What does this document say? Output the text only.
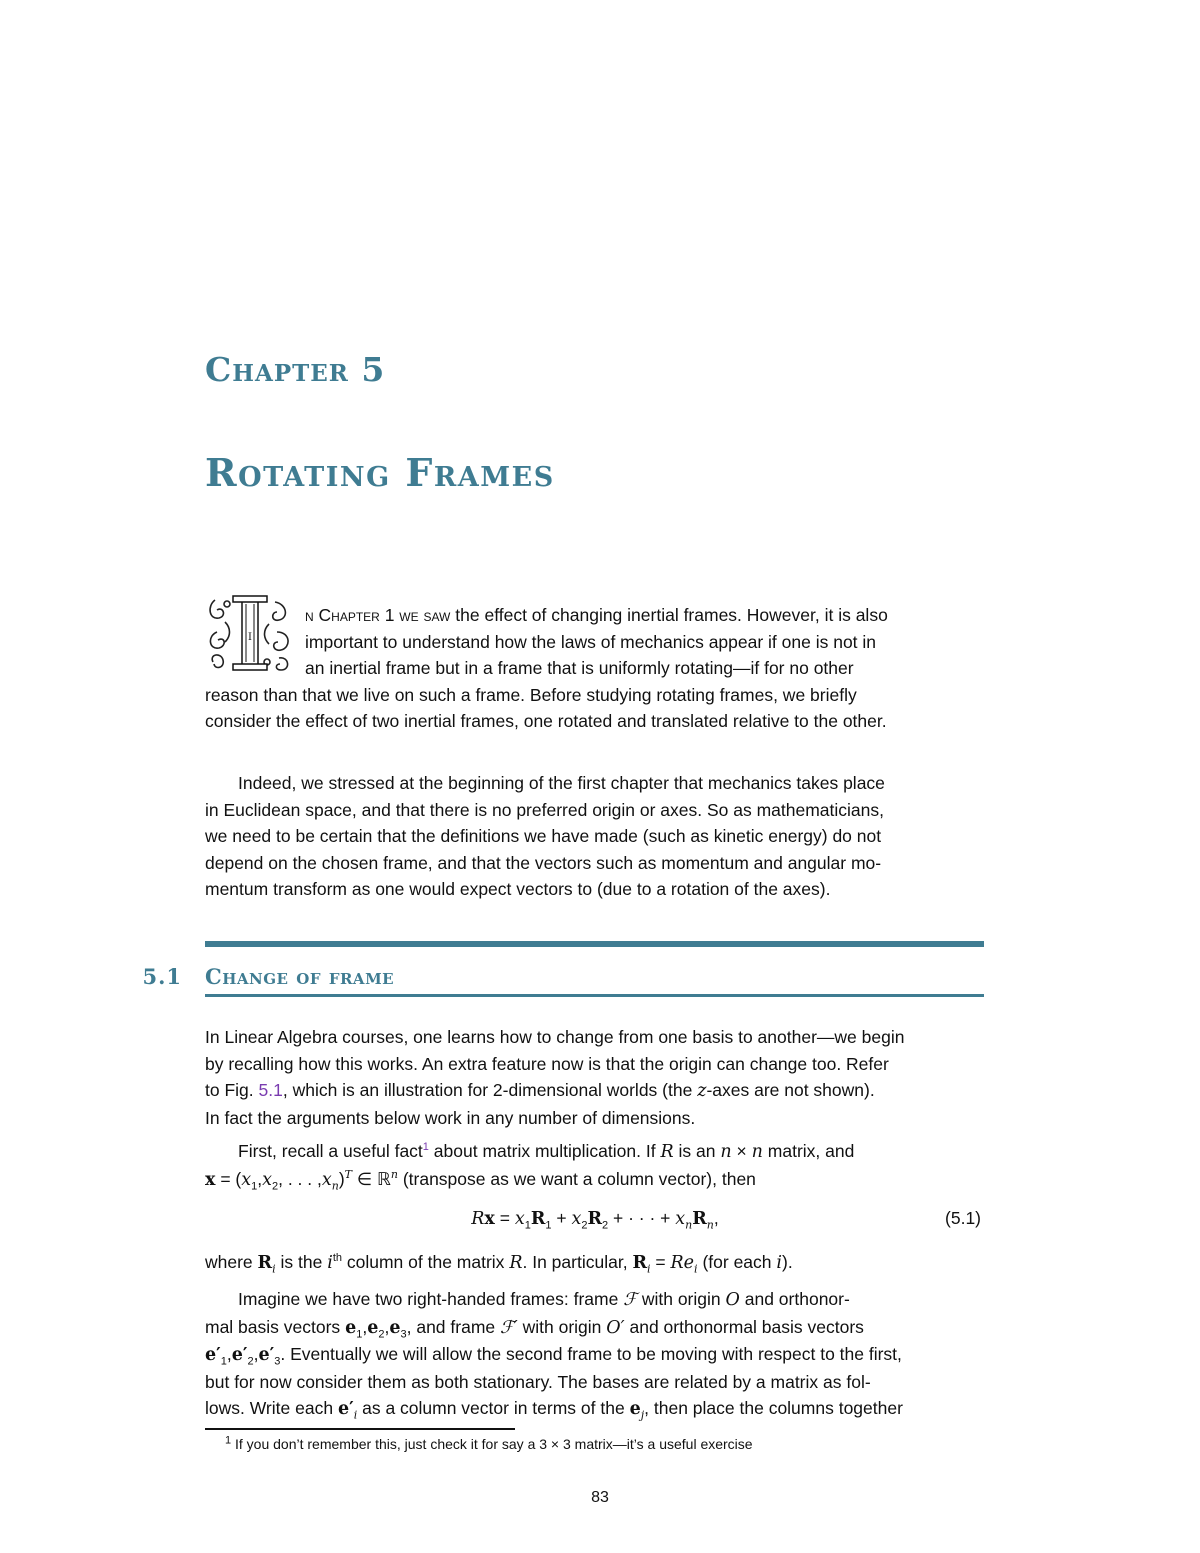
Chapter 5
Rotating Frames
I

n Chapter 1 we saw the effect of changing inertial frames. However, it is also

important to understand how the laws of mechanics appear if one is not in

an inertial frame but in a frame that is uniformly rotating—if for no other

reason than that we live on such a frame. Before studying rotating frames, we briefly

consider the effect of two inertial frames, one rotated and translated relative to the other.

Indeed, we stressed at the beginning of the first chapter that mechanics takes place

in Euclidean space, and that there is no preferred origin or axes. So as mathematicians,

we need to be certain that the definitions we have made (such as kinetic energy) do not

depend on the chosen frame, and that the vectors such as momentum and angular mo-

mentum transform as one would expect vectors to (due to a rotation of the axes).

5.1 Change of frame

In Linear Algebra courses, one learns how to change from one basis to another—we begin

by recalling how this works. An extra feature now is that the origin can change too. Refer

to Fig. 5.1, which is an illustration for 2-dimensional worlds (the z-axes are not shown).

In fact the arguments below work in any number of dimensions.

First, recall a useful fact$^1$ about matrix multiplication. If R is an n × n matrix, and

$x = (x_1,x_2$, . . . $,x_n)^T$ ∈ ℝ$^n$ (transpose as we want a column vector), then

$Rx = x_1R_1 + x_2R_2$ + · · · + $x_nR_n$,	(5.1)

where $R_i$ is the $i^{th}$ column of the matrix R. In particular, $R_i = Re_i$ (for each i).

Imagine we have two right-handed frames: frame ℱ with origin O and orthonor-

mal basis vectors $e_1,e_2,e_3$, and frame ℱ′ with origin O′ and orthonormal basis vectors

$e'_1,e'_2,e'_3$. Eventually we will allow the second frame to be moving with respect to the first,

but for now consider them as both stationary. The bases are related by a matrix as fol-

lows. Write each $e'_i$ as a column vector in terms of the $e_j$, then place the columns together

$^1$ If you don’t remember this, just check it for say a 3 × 3 matrix—it’s a useful exercise
83
